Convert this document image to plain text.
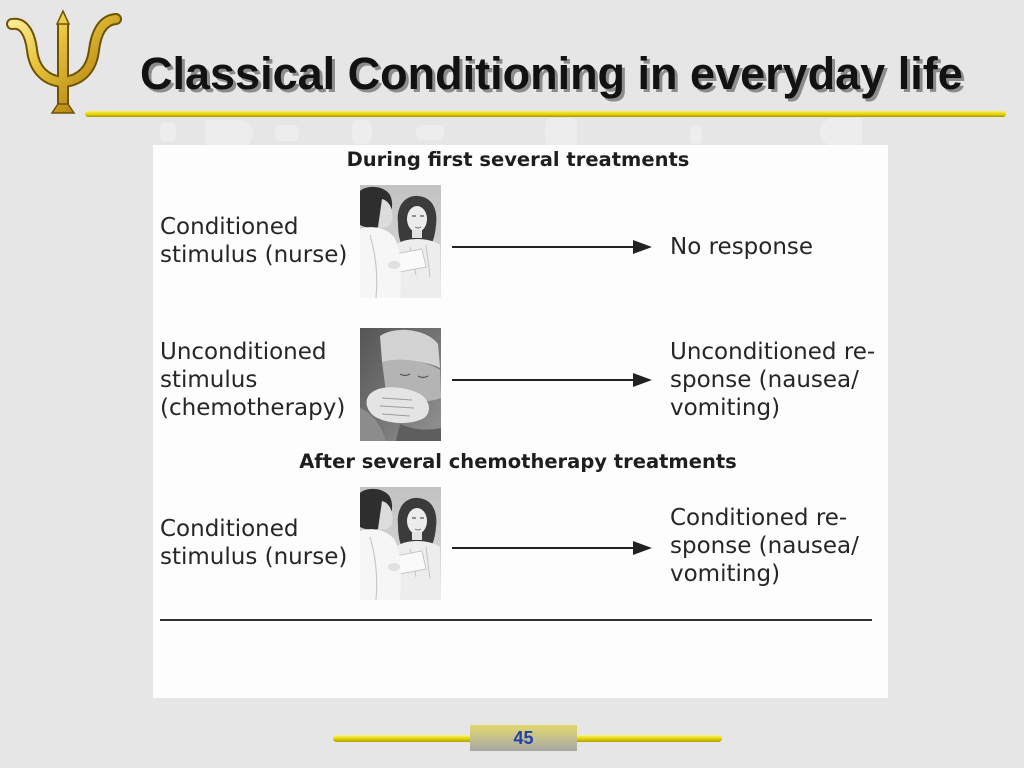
Classical Conditioning in everyday life
During first several treatments
Conditioned
stimulus (nurse)	No response
Unconditioned
stimulus
(chemotherapy)
Unconditioned re-
sponse (nausea/
vomiting)
After several chemotherapy treatments
Conditioned
stimulus (nurse)
Conditioned re-
sponse (nausea/
vomiting)
45
